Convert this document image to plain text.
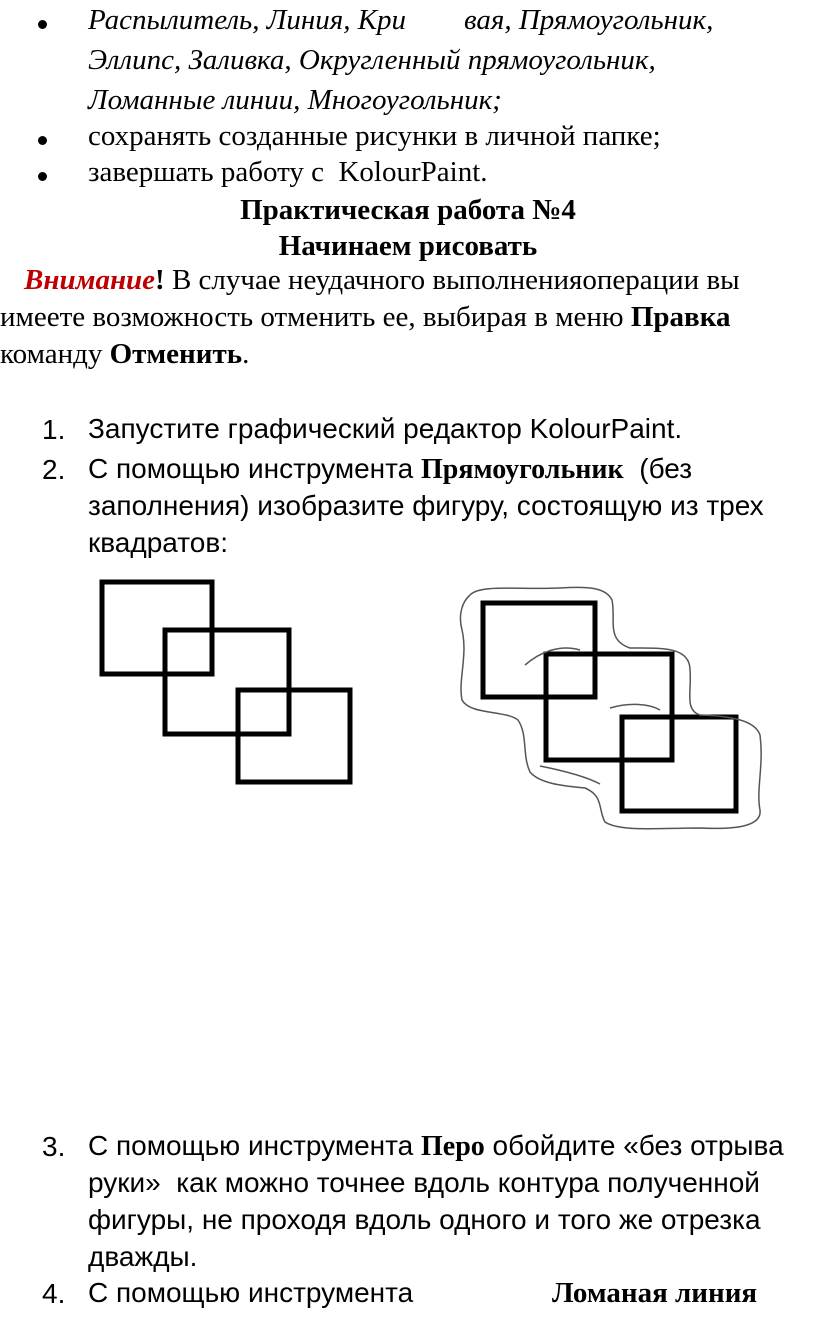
Распылитель, Линия, Кри        вая, Прямоугольник,
Эллипс, Заливка, Округленный прямоугольник,
Ломанные линии, Многоугольник;
сохранять созданные рисунки в личной папке;
завершать работу с  KolourPaint.
Практическая работа №4
Начинаем рисовать
Внимание! В случае неудачного выполненияоперации вы
имеете возможность отменить ее, выбирая в меню Правка
команду Отменить.
1. Запустите графический редактор KolourPaint.
2. С помощью инструмента Прямоугольник  (без
заполнения) изобразите фигуру, состоящую из трех
квадратов:
3. С помощью инструмента Перо обойдите «без отрыва
руки»  как можно точнее вдоль контура полученной
фигуры, не проходя вдоль одного и того же отрезка
дважды.
4. С помощью инструмента	Ломаная линия
